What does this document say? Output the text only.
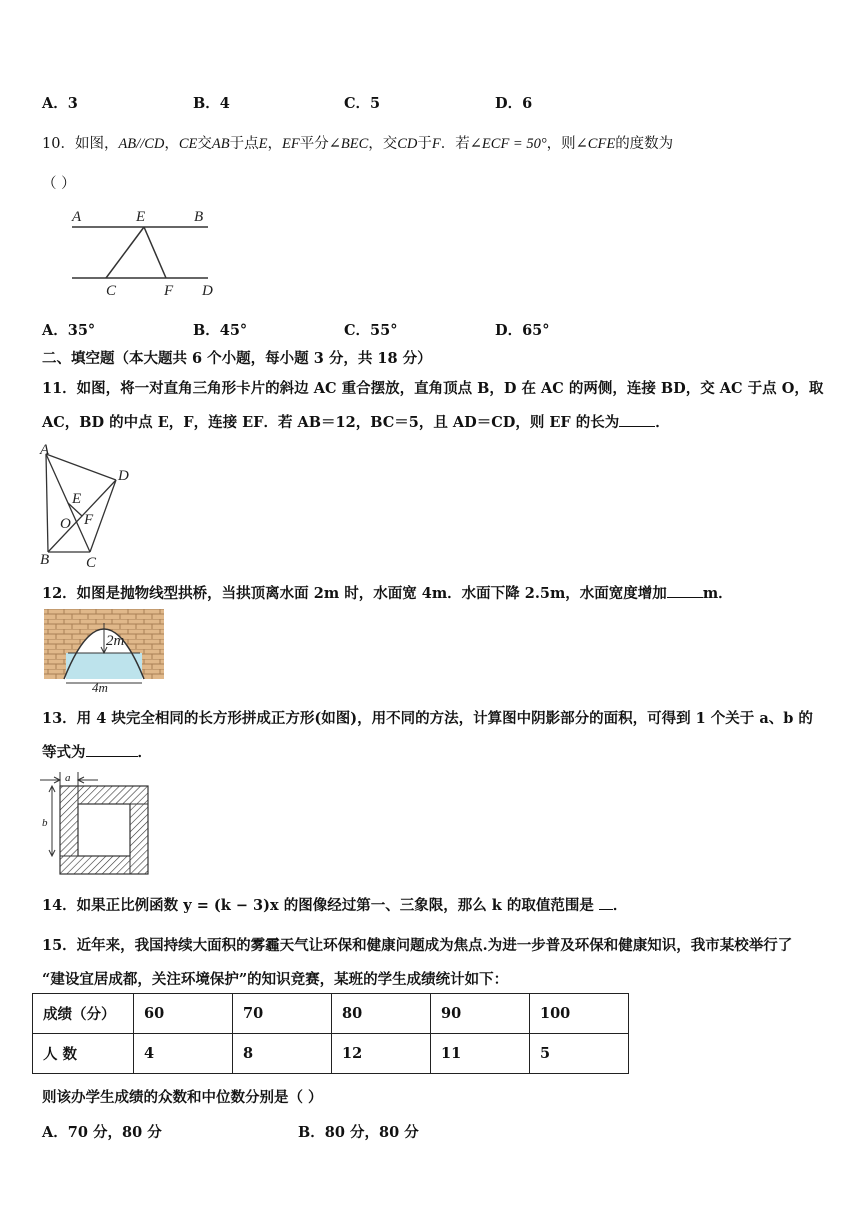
A．3	B．4	C．5	D．6
10．如图，AB//CD，CE交AB于点E，EF平分∠BEC，交CD于F．若∠ECF = 50°，则∠CFE的度数为
（ ）
A	E	B
C	F D
A．35°	B．45°	C．55°	D．65°
二、填空题（本大题共 6 个小题，每小题 3 分，共 18 分）
11．如图，将一对直角三角形卡片的斜边 AC 重合摆放，直角顶点 B，D 在 AC 的两侧，连接 BD，交 AC 于点 O，取
AC，BD 的中点 E，F，连接 EF．若 AB＝12，BC＝5，且 AD＝CD，则 EF 的长为 ．
A
D
E
O F
B C
12．如图是抛物线型拱桥，当拱顶离水面 2m 时，水面宽 4m．水面下降 2.5m，水面宽度增加 m．
2m
4m
13．用 4 块完全相同的长方形拼成正方形(如图)，用不同的方法，计算图中阴影部分的面积，可得到 1 个关于 a、b 的
等式为	．
a
b
14．如果正比例函数 y = (k − 3)x 的图像经过第一、三象限，那么 k 的取值范围是 ．
15．近年来，我国持续大面积的雾霾天气让环保和健康问题成为焦点.为进一步普及环保和健康知识，我市某校举行了
“建设宜居成都，关注环境保护”的知识竞赛，某班的学生成绩统计如下：
成绩（分）	60	70	80	90	100
人 数	4	8	12	11	5
则该办学生成绩的众数和中位数分别是（ ）
A．70 分，80 分	B．80 分，80 分
